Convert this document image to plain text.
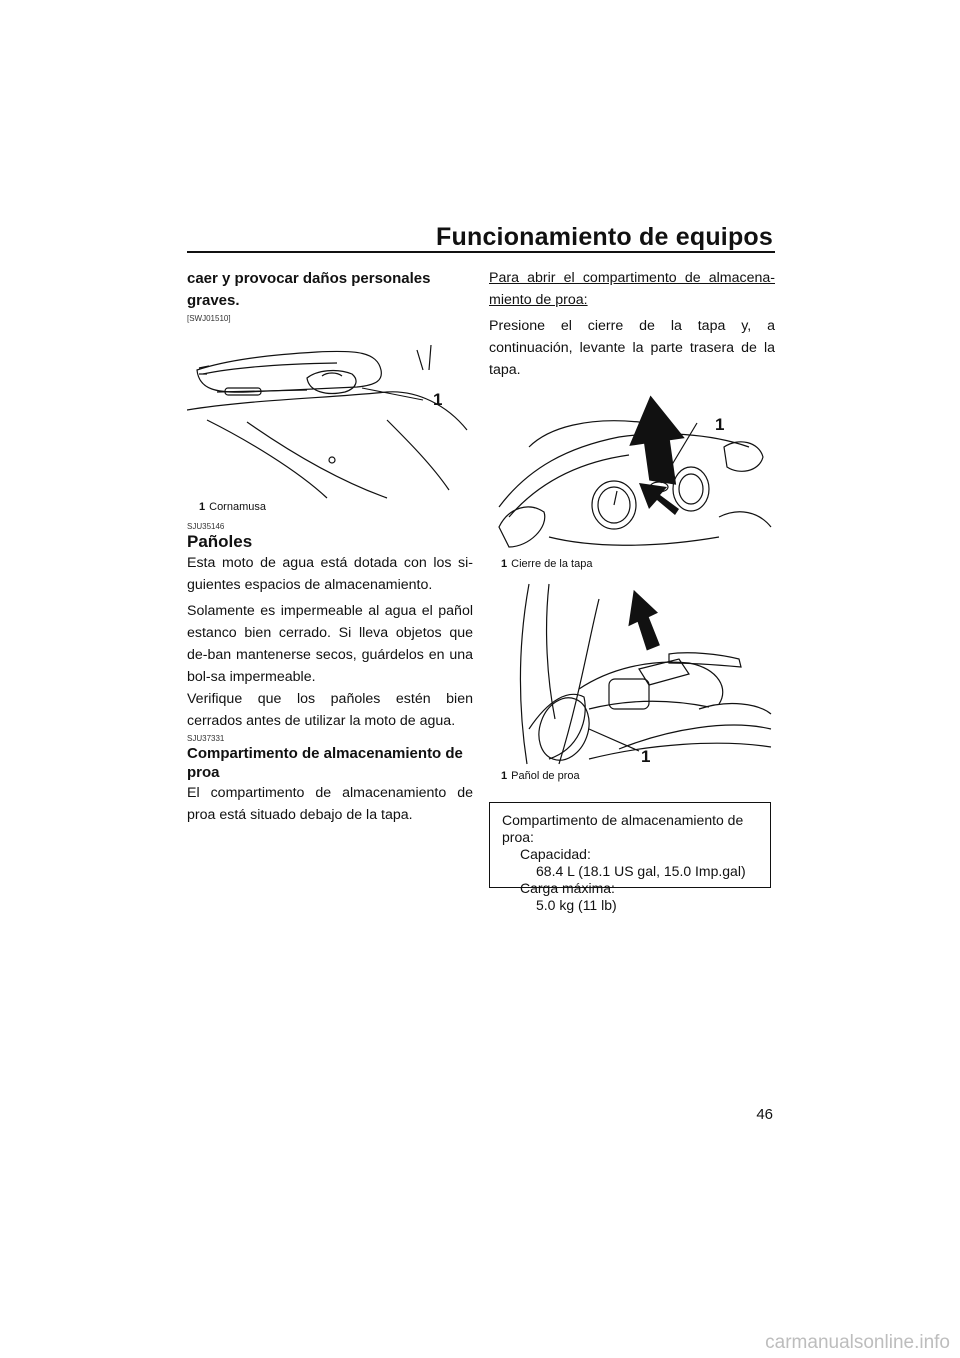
Funcionamiento de equipos

caer y provocar daños personales graves.

[SWJ01510]

1

1 Cornamusa

SJU35146

Pañoles

Esta moto de agua está dotada con los si-guientes espacios de almacenamiento.

Solamente es impermeable al agua el pañol estanco bien cerrado. Si lleva objetos que de-ban mantenerse secos, guárdelos en una bol-sa impermeable.

Verifique que los pañoles estén bien cerrados antes de utilizar la moto de agua.

SJU37331

Compartimento de almacenamiento de proa

El compartimento de almacenamiento de proa está situado debajo de la tapa.

Para abrir el compartimento de almacena-miento de proa:

Presione el cierre de la tapa y, a continuación, levante la parte trasera de la tapa.

1

1 Cierre de la tapa

1

1 Pañol de proa

Compartimento de almacenamiento de proa:
Capacidad:
68.4 L (18.1 US gal, 15.0 Imp.gal)
Carga máxima:
5.0 kg (11 lb)
46
carmanualsonline.info
